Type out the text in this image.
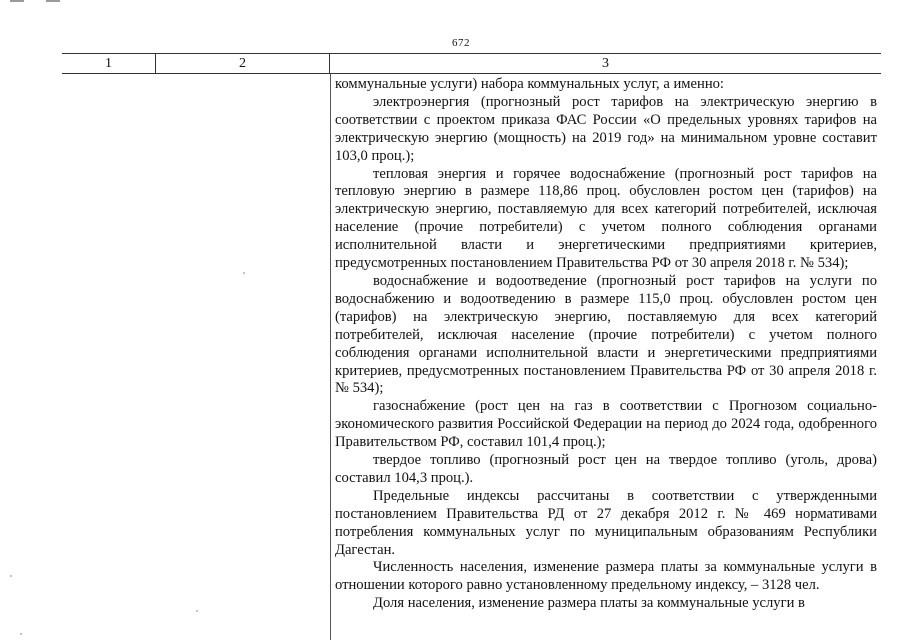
672
1	2	3

коммунальные услуги) набора коммунальных услуг, а именно:

электроэнергия (прогнозный рост тарифов на электрическую энергию в соответствии с проектом приказа ФАС России «О предельных уровнях тарифов на электрическую энергию (мощность) на 2019 год» на минимальном уровне составит 103,0 проц.);

тепловая энергия и горячее водоснабжение (прогнозный рост тарифов на тепловую энергию в размере 118,86 проц. обусловлен ростом цен (тарифов) на электрическую энергию, поставляемую для всех категорий потребителей, исключая население (прочие потребители) с учетом полного соблюдения органами исполнительной власти и энергетическими предприятиями критериев, предусмотренных постановлением Правительства РФ от 30 апреля 2018 г. № 534);

водоснабжение и водоотведение (прогнозный рост тарифов на услуги по водоснабжению и водоотведению в размере 115,0 проц. обусловлен ростом цен (тарифов) на электрическую энергию, поставляемую для всех категорий потребителей, исключая население (прочие потребители) с учетом полного соблюдения органами исполнительной власти и энергетическими предприятиями критериев, предусмотренных постановлением Правительства РФ от 30 апреля 2018 г. № 534);

газоснабжение (рост цен на газ в соответствии с Прогнозом социально-экономического развития Российской Федерации на период до 2024 года, одобренного Правительством РФ, составил 101,4 проц.);

твердое топливо (прогнозный рост цен на твердое топливо (уголь, дрова) составил 104,3 проц.).

Предельные индексы рассчитаны в соответствии с утвержденными постановлением Правительства РД от 27 декабря 2012 г. № 469 нормативами потребления коммунальных услуг по муниципальным образованиям Республики Дагестан.

Численность населения, изменение размера платы за коммунальные услуги в отношении которого равно установленному предельному индексу, – 3128 чел.

Доля населения, изменение размера платы за коммунальные услуги в
